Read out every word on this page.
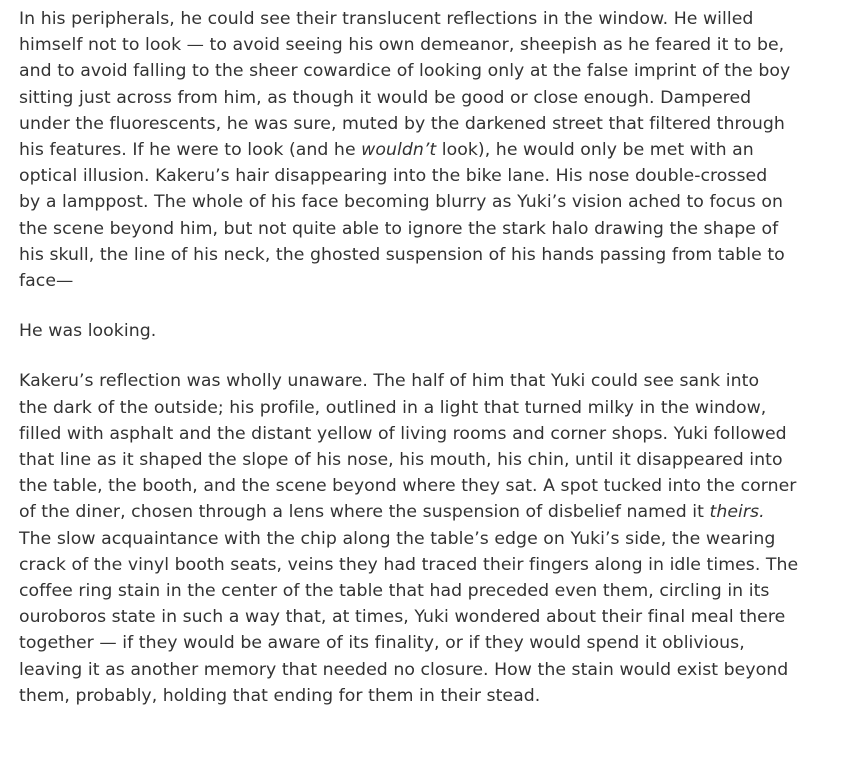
In his peripherals, he could see their translucent reflections in the window. He willed
himself not to look — to avoid seeing his own demeanor, sheepish as he feared it to be,
and to avoid falling to the sheer cowardice of looking only at the false imprint of the boy
sitting just across from him, as though it would be good or close enough. Dampered
under the fluorescents, he was sure, muted by the darkened street that filtered through
his features. If he were to look (and he wouldn’t look), he would only be met with an
optical illusion. Kakeru’s hair disappearing into the bike lane. His nose double-crossed
by a lamppost. The whole of his face becoming blurry as Yuki’s vision ached to focus on
the scene beyond him, but not quite able to ignore the stark halo drawing the shape of
his skull, the line of his neck, the ghosted suspension of his hands passing from table to
face—

He was looking.

Kakeru’s reflection was wholly unaware. The half of him that Yuki could see sank into
the dark of the outside; his profile, outlined in a light that turned milky in the window,
filled with asphalt and the distant yellow of living rooms and corner shops. Yuki followed
that line as it shaped the slope of his nose, his mouth, his chin, until it disappeared into
the table, the booth, and the scene beyond where they sat. A spot tucked into the corner
of the diner, chosen through a lens where the suspension of disbelief named it theirs.
The slow acquaintance with the chip along the table’s edge on Yuki’s side, the wearing
crack of the vinyl booth seats, veins they had traced their fingers along in idle times. The
coffee ring stain in the center of the table that had preceded even them, circling in its
ouroboros state in such a way that, at times, Yuki wondered about their final meal there
together — if they would be aware of its finality, or if they would spend it oblivious,
leaving it as another memory that needed no closure. How the stain would exist beyond
them, probably, holding that ending for them in their stead.
